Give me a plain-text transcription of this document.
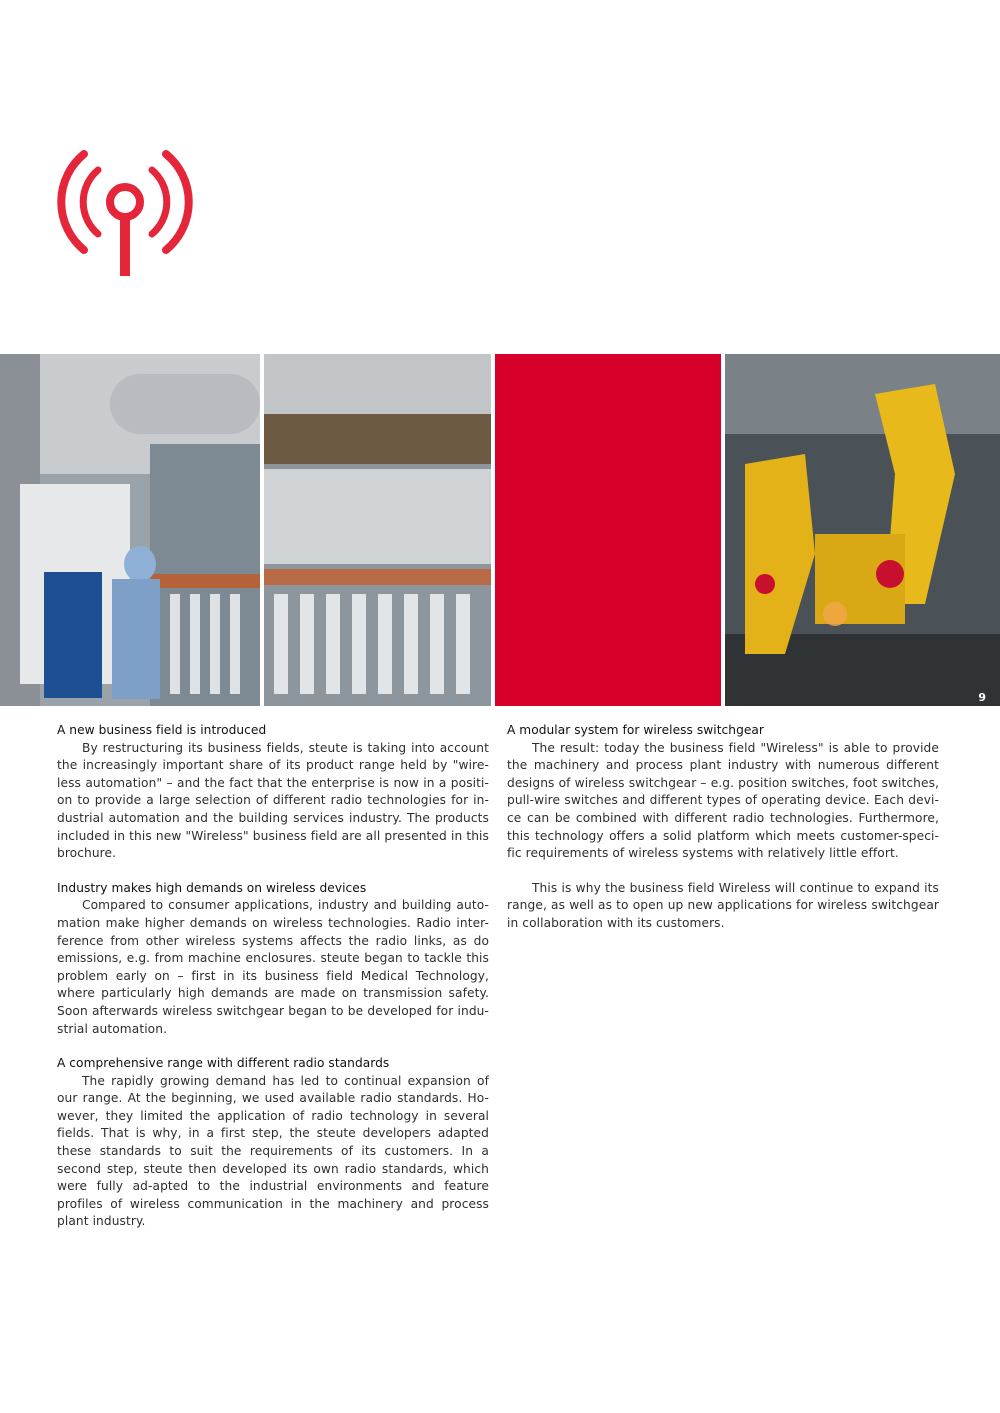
9
A new business field is introduced

By restructuring its business fields, steute is taking into account the increasingly important share of its product range held by "wire-less automation" – and the fact that the enterprise is now in a positi-on to provide a large selection of different radio technologies for in-dustrial automation and the building services industry. The products included in this new "Wireless" business field are all presented in this brochure.

Industry makes high demands on wireless devices

Compared to consumer applications, industry and building auto-mation make higher demands on wireless technologies. Radio inter-ference from other wireless systems affects the radio links, as do emissions, e.g. from machine enclosures. steute began to tackle this problem early on – first in its business field Medical Technology, where particularly high demands are made on transmission safety. Soon afterwards wireless switchgear began to be developed for indu-strial automation.

A comprehensive range with different radio standards

The rapidly growing demand has led to continual expansion of our range. At the beginning, we used available radio standards. Ho-wever, they limited the application of radio technology in several fields. That is why, in a first step, the steute developers adapted these standards to suit the requirements of its customers. In a second step, steute then developed its own radio standards, which were fully ad-apted to the industrial environments and feature profiles of wireless communication in the machinery and process plant industry.

A modular system for wireless switchgear

The result: today the business field "Wireless" is able to provide the machinery and process plant industry with numerous different designs of wireless switchgear – e.g. position switches, foot switches, pull-wire switches and different types of operating device. Each devi-ce can be combined with different radio technologies. Furthermore, this technology offers a solid platform which meets customer-speci-fic requirements of wireless systems with relatively little effort.

This is why the business field Wireless will continue to expand its range, as well as to open up new applications for wireless switchgear in collaboration with its customers.
